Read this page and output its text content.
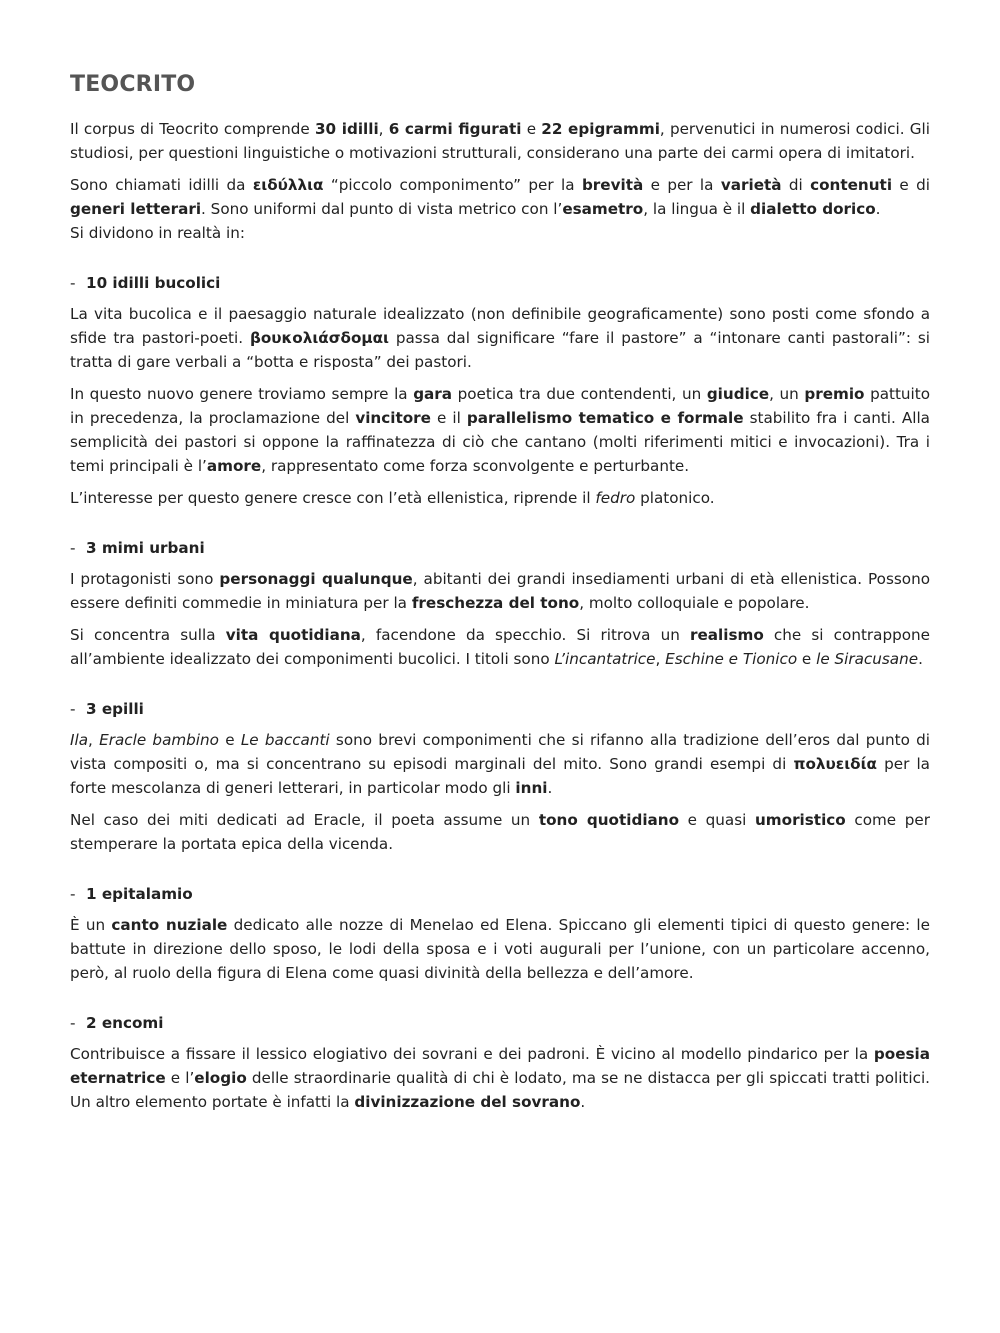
TEOCRITO

Il corpus di Teocrito comprende 30 idilli, 6 carmi figurati e 22 epigrammi, pervenutici in numerosi codici. Gli studiosi, per questioni linguistiche o motivazioni strutturali, considerano una parte dei carmi opera di imitatori.

Sono chiamati idilli da ειδύλλια “piccolo componimento” per la brevità e per la varietà di contenuti e di generi letterari. Sono uniformi dal punto di vista metrico con l’esametro, la lingua è il dialetto dorico.
Si dividono in realtà in:

- 10 idilli bucolici

La vita bucolica e il paesaggio naturale idealizzato (non definibile geograficamente) sono posti come sfondo a sfide tra pastori-poeti. βουκολιάσδομαι passa dal significare “fare il pastore” a “intonare canti pastorali”: si tratta di gare verbali a “botta e risposta” dei pastori.

In questo nuovo genere troviamo sempre la gara poetica tra due contendenti, un giudice, un premio pattuito in precedenza, la proclamazione del vincitore e il parallelismo tematico e formale stabilito fra i canti. Alla semplicità dei pastori si oppone la raffinatezza di ciò che cantano (molti riferimenti mitici e invocazioni). Tra i temi principali è l’amore, rappresentato come forza sconvolgente e perturbante.

L’interesse per questo genere cresce con l’età ellenistica, riprende il fedro platonico.

- 3 mimi urbani

I protagonisti sono personaggi qualunque, abitanti dei grandi insediamenti urbani di età ellenistica. Possono essere definiti commedie in miniatura per la freschezza del tono, molto colloquiale e popolare.

Si concentra sulla vita quotidiana, facendone da specchio. Si ritrova un realismo che si contrappone all’ambiente idealizzato dei componimenti bucolici. I titoli sono L’incantatrice, Eschine e Tionico e le Siracusane.

- 3 epilli

Ila, Eracle bambino e Le baccanti sono brevi componimenti che si rifanno alla tradizione dell’eros dal punto di vista compositi o, ma si concentrano su episodi marginali del mito. Sono grandi esempi di πολυειδία per la forte mescolanza di generi letterari, in particolar modo gli inni.

Nel caso dei miti dedicati ad Eracle, il poeta assume un tono quotidiano e quasi umoristico come per stemperare la portata epica della vicenda.

- 1 epitalamio

È un canto nuziale dedicato alle nozze di Menelao ed Elena. Spiccano gli elementi tipici di questo genere: le battute in direzione dello sposo, le lodi della sposa e i voti augurali per l’unione, con un particolare accenno, però, al ruolo della figura di Elena come quasi divinità della bellezza e dell’amore.

- 2 encomi

Contribuisce a fissare il lessico elogiativo dei sovrani e dei padroni. È vicino al modello pindarico per la poesia eternatrice e l’elogio delle straordinarie qualità di chi è lodato, ma se ne distacca per gli spiccati tratti politici. Un altro elemento portate è infatti la divinizzazione del sovrano.
